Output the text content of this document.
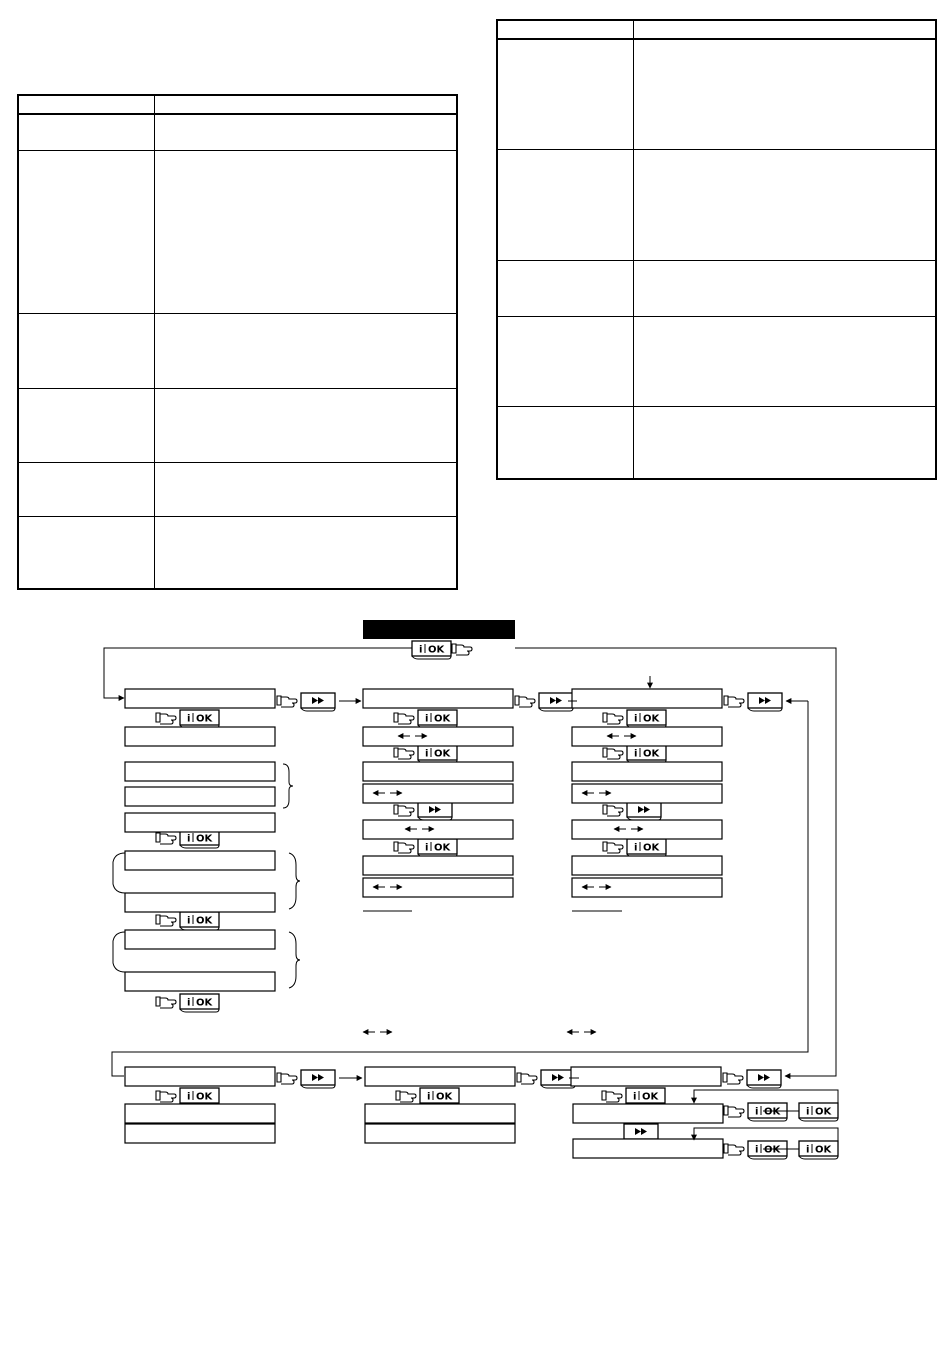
i OK
i OK
i OK
i OK
i OK
i OK
i OK
i OK
i OK
i OK
i OK
i OK	i OK	i OK
i OK	i OK
i OK	i OK
